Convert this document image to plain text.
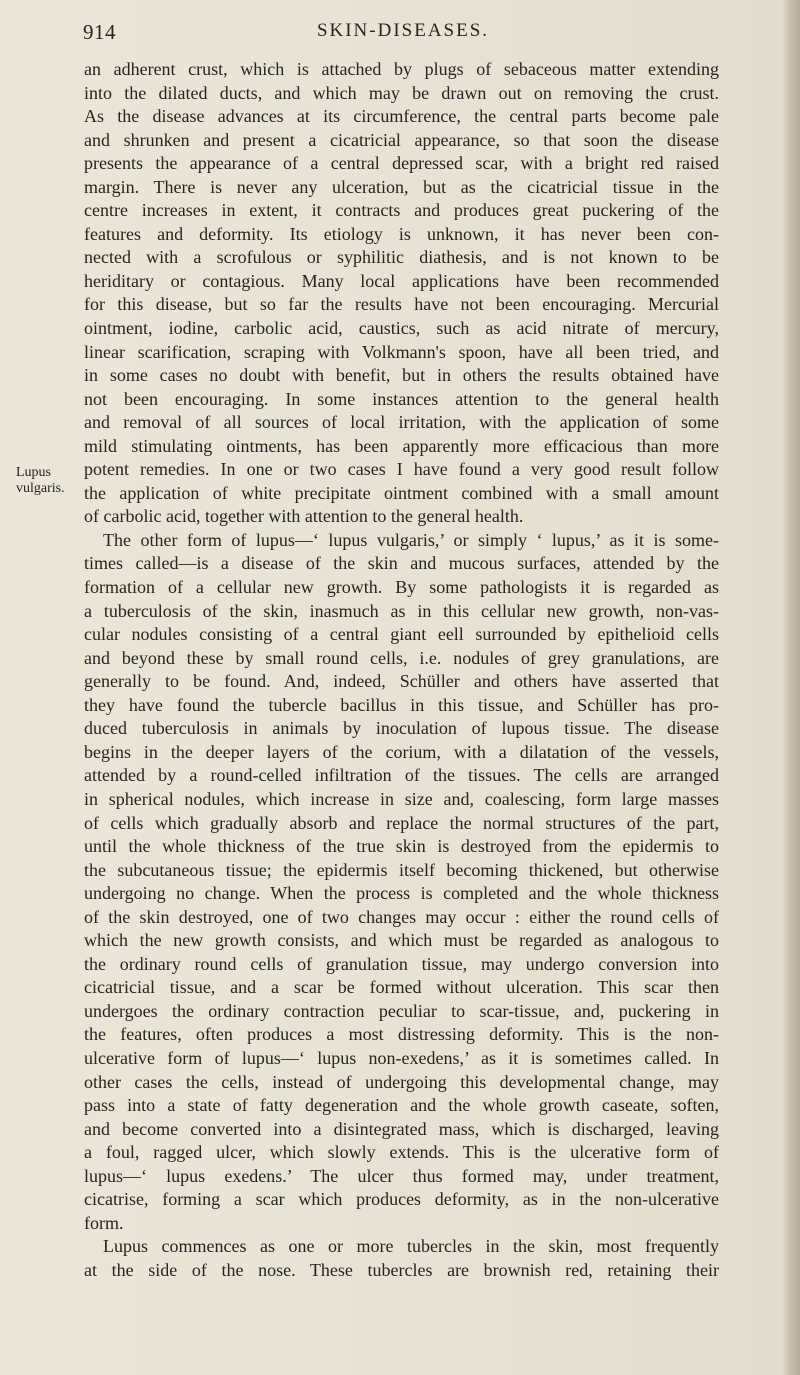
914	SKIN-DISEASES.
Lupus
vulgaris.
an adherent crust, which is attached by plugs of sebaceous matter extending
into the dilated ducts, and which may be drawn out on removing the crust.
As the disease advances at its circumference, the central parts become pale
and shrunken and present a cicatricial appearance, so that soon the disease
presents the appearance of a central depressed scar, with a bright red raised
margin. There is never any ulceration, but as the cicatricial tissue in the
centre increases in extent, it contracts and produces great puckering of the
features and deformity. Its etiology is unknown, it has never been con-
nected with a scrofulous or syphilitic diathesis, and is not known to be
heriditary or contagious. Many local applications have been recommended
for this disease, but so far the results have not been encouraging. Mercurial
ointment, iodine, carbolic acid, caustics, such as acid nitrate of mercury,
linear scarification, scraping with Volkmann's spoon, have all been tried, and
in some cases no doubt with benefit, but in others the results obtained have
not been encouraging. In some instances attention to the general health
and removal of all sources of local irritation, with the application of some
mild stimulating ointments, has been apparently more efficacious than more
potent remedies. In one or two cases I have found a very good result follow
the application of white precipitate ointment combined with a small amount
of carbolic acid, together with attention to the general health.
The other form of lupus—‘ lupus vulgaris,’ or simply ‘ lupus,’ as it is some-
times called—is a disease of the skin and mucous surfaces, attended by the
formation of a cellular new growth. By some pathologists it is regarded as
a tuberculosis of the skin, inasmuch as in this cellular new growth, non-vas-
cular nodules consisting of a central giant eell surrounded by epithelioid cells
and beyond these by small round cells, i.e. nodules of grey granulations, are
generally to be found. And, indeed, Schüller and others have asserted that
they have found the tubercle bacillus in this tissue, and Schüller has pro-
duced tuberculosis in animals by inoculation of lupous tissue. The disease
begins in the deeper layers of the corium, with a dilatation of the vessels,
attended by a round-celled infiltration of the tissues. The cells are arranged
in spherical nodules, which increase in size and, coalescing, form large masses
of cells which gradually absorb and replace the normal structures of the part,
until the whole thickness of the true skin is destroyed from the epidermis to
the subcutaneous tissue; the epidermis itself becoming thickened, but otherwise
undergoing no change. When the process is completed and the whole thickness
of the skin destroyed, one of two changes may occur : either the round cells of
which the new growth consists, and which must be regarded as analogous to
the ordinary round cells of granulation tissue, may undergo conversion into
cicatricial tissue, and a scar be formed without ulceration. This scar then
undergoes the ordinary contraction peculiar to scar-tissue, and, puckering in
the features, often produces a most distressing deformity. This is the non-
ulcerative form of lupus—‘ lupus non-exedens,’ as it is sometimes called. In
other cases the cells, instead of undergoing this developmental change, may
pass into a state of fatty degeneration and the whole growth caseate, soften,
and become converted into a disintegrated mass, which is discharged, leaving
a foul, ragged ulcer, which slowly extends. This is the ulcerative form of
lupus—‘ lupus exedens.’ The ulcer thus formed may, under treatment,
cicatrise, forming a scar which produces deformity, as in the non-ulcerative
form.
Lupus commences as one or more tubercles in the skin, most frequently
at the side of the nose. These tubercles are brownish red, retaining their
